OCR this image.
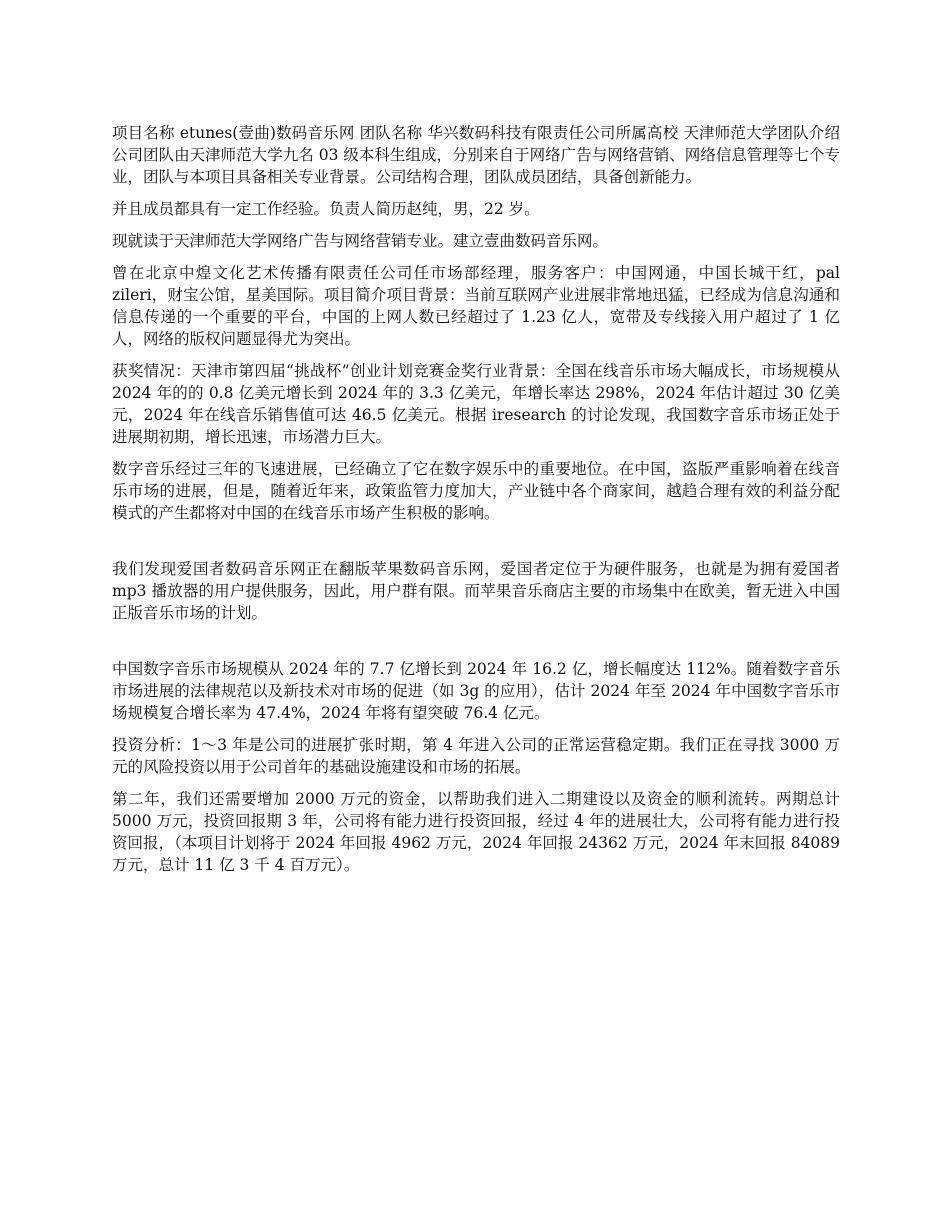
项目名称 etunes(壹曲)数码音乐网 团队名称 华兴数码科技有限责任公司所属高校 天津师范大学团队介绍公司团队由天津师范大学九名 03 级本科生组成，分别来自于网络广告与网络营销、网络信息管理等七个专业，团队与本项目具备相关专业背景。公司结构合理，团队成员团结，具备创新能力。

并且成员都具有一定工作经验。负责人简历赵纯，男，22 岁。

现就读于天津师范大学网络广告与网络营销专业。建立壹曲数码音乐网。

曾在北京中煌文化艺术传播有限责任公司任市场部经理，服务客户：中国网通，中国长城干红，pal zileri，财宝公馆，星美国际。项目简介项目背景：当前互联网产业进展非常地迅猛，已经成为信息沟通和信息传递的一个重要的平台，中国的上网人数已经超过了 1.23 亿人，宽带及专线接入用户超过了 1 亿人，网络的版权问题显得尤为突出。

获奖情况：天津市第四届“挑战杯”创业计划竞赛金奖行业背景：全国在线音乐市场大幅成长，市场规模从 2024 年的的 0.8 亿美元增长到 2024 年的 3.3 亿美元，年增长率达 298%，2024 年估计超过 30 亿美元，2024 年在线音乐销售值可达 46.5 亿美元。根据 iresearch 的讨论发现，我国数字音乐市场正处于进展期初期，增长迅速，市场潜力巨大。

数字音乐经过三年的飞速进展，已经确立了它在数字娱乐中的重要地位。在中国，盗版严重影响着在线音乐市场的进展，但是，随着近年来，政策监管力度加大，产业链中各个商家间，越趋合理有效的利益分配模式的产生都将对中国的在线音乐市场产生积极的影响。

我们发现爱国者数码音乐网正在翻版苹果数码音乐网，爱国者定位于为硬件服务，也就是为拥有爱国者 mp3 播放器的用户提供服务，因此，用户群有限。而苹果音乐商店主要的市场集中在欧美，暂无进入中国正版音乐市场的计划。

中国数字音乐市场规模从 2024 年的 7.7 亿增长到 2024 年 16.2 亿，增长幅度达 112%。随着数字音乐市场进展的法律规范以及新技术对市场的促进（如 3g 的应用），估计 2024 年至 2024 年中国数字音乐市场规模复合增长率为 47.4%，2024 年将有望突破 76.4 亿元。

投资分析：1～3 年是公司的进展扩张时期，第 4 年进入公司的正常运营稳定期。我们正在寻找 3000 万元的风险投资以用于公司首年的基础设施建设和市场的拓展。

第二年，我们还需要增加 2000 万元的资金，以帮助我们进入二期建设以及资金的顺利流转。两期总计 5000 万元，投资回报期 3 年，公司将有能力进行投资回报，经过 4 年的进展壮大，公司将有能力进行投资回报，（本项目计划将于 2024 年回报 4962 万元，2024 年回报 24362 万元，2024 年末回报 84089 万元，总计 11 亿 3 千 4 百万元）。
